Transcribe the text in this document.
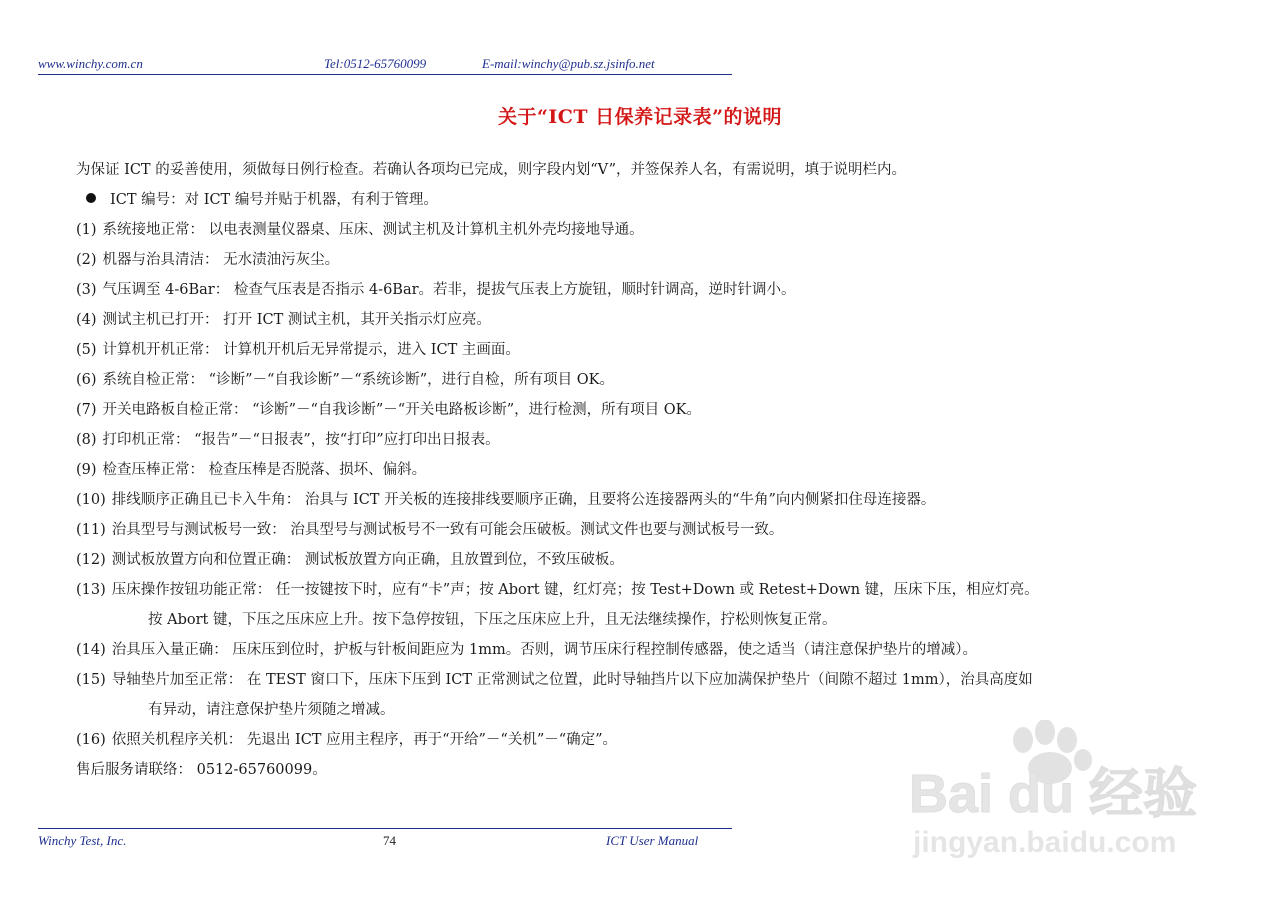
www.winchy.com.cn	Tel:0512-65760099	E-mail:winchy@pub.sz.jsinfo.net
关于“ICT 日保养记录表”的说明
为保证 ICT 的妥善使用，须做每日例行检查。若确认各项均已完成，则字段内划“V”，并签保养人名，有需说明，填于说明栏内。
ICT 编号：对 ICT 编号并贴于机器，有利于管理。
(1) 系统接地正常： 以电表测量仪器桌、压床、测试主机及计算机主机外壳均接地导通。
(2) 机器与治具清洁： 无水渍油污灰尘。
(3) 气压调至 4-6Bar： 检查气压表是否指示 4-6Bar。若非，提拔气压表上方旋钮，顺时针调高，逆时针调小。
(4) 测试主机已打开： 打开 ICT 测试主机，其开关指示灯应亮。
(5) 计算机开机正常： 计算机开机后无异常提示，进入 ICT 主画面。
(6) 系统自检正常： “诊断”－“自我诊断”－“系统诊断”，进行自检，所有项目 OK。
(7) 开关电路板自检正常： “诊断”－“自我诊断”－“开关电路板诊断”，进行检测，所有项目 OK。
(8) 打印机正常： “报告”－“日报表”，按“打印”应打印出日报表。
(9) 检查压棒正常： 检查压棒是否脱落、损坏、偏斜。
(10) 排线顺序正确且已卡入牛角： 治具与 ICT 开关板的连接排线要顺序正确，且要将公连接器两头的“牛角”向内侧紧扣住母连接器。
(11) 治具型号与测试板号一致： 治具型号与测试板号不一致有可能会压破板。测试文件也要与测试板号一致。
(12) 测试板放置方向和位置正确： 测试板放置方向正确，且放置到位，不致压破板。
(13) 压床操作按钮功能正常： 任一按键按下时，应有“卡”声；按 Abort 键，红灯亮；按 Test+Down 或 Retest+Down 键，压床下压，相应灯亮。
按 Abort 键，下压之压床应上升。按下急停按钮，下压之压床应上升，且无法继续操作，拧松则恢复正常。
(14) 治具压入量正确： 压床压到位时，护板与针板间距应为 1mm。否则，调节压床行程控制传感器，使之适当（请注意保护垫片的增减）。
(15) 导轴垫片加至正常： 在 TEST 窗口下，压床下压到 ICT 正常测试之位置，此时导轴挡片以下应加满保护垫片（间隙不超过 1mm），治具高度如
有异动，请注意保护垫片须随之增减。
(16) 依照关机程序关机： 先退出 ICT 应用主程序，再于“开给”－“关机”－“确定”。
售后服务请联络： 0512-65760099。
Winchy Test, Inc.	74	ICT User Manual
Bai du 经验
jingyan.baidu.com
